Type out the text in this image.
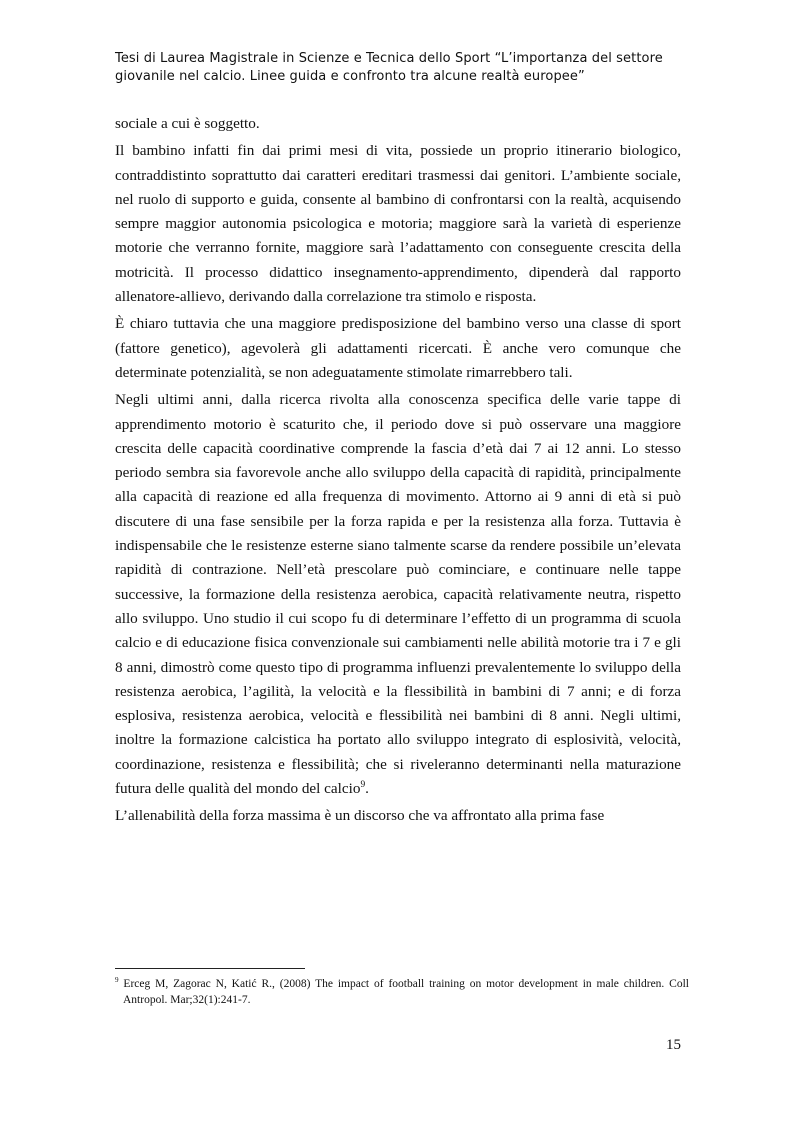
Tesi di Laurea Magistrale in Scienze e Tecnica dello Sport “L’importanza del settore
giovanile nel calcio. Linee guida e confronto tra alcune realtà europee”

sociale a cui è soggetto.

Il bambino infatti fin dai primi mesi di vita, possiede un proprio itinerario biologico, contraddistinto soprattutto dai caratteri ereditari trasmessi dai genitori. L’ambiente sociale, nel ruolo di supporto e guida, consente al bambino di confrontarsi con la realtà, acquisendo sempre maggior autonomia psicologica e motoria; maggiore sarà la varietà di esperienze motorie che verranno fornite, maggiore sarà l’adattamento con conseguente crescita della motricità. Il processo didattico insegnamento-apprendimento, dipenderà dal rapporto allenatore-allievo, derivando dalla correlazione tra stimolo e risposta.

È chiaro tuttavia che una maggiore predisposizione del bambino verso una classe di sport (fattore genetico), agevolerà gli adattamenti ricercati. È anche vero comunque che determinate potenzialità, se non adeguatamente stimolate rimarrebbero tali.

Negli ultimi anni, dalla ricerca rivolta alla conoscenza specifica delle varie tappe di apprendimento motorio è scaturito che, il periodo dove si può osservare una maggiore crescita delle capacità coordinative comprende la fascia d’età dai 7 ai 12 anni. Lo stesso periodo sembra sia favorevole anche allo sviluppo della capacità di rapidità, principalmente alla capacità di reazione ed alla frequenza di movimento. Attorno ai 9 anni di età si può discutere di una fase sensibile per la forza rapida e per la resistenza alla forza. Tuttavia è indispensabile che le resistenze esterne siano talmente scarse da rendere possibile un’elevata rapidità di contrazione. Nell’età prescolare può cominciare, e continuare nelle tappe successive, la formazione della resistenza aerobica, capacità relativamente neutra, rispetto allo sviluppo. Uno studio il cui scopo fu di determinare l’effetto di un programma di scuola calcio e di educazione fisica convenzionale sui cambiamenti nelle abilità motorie tra i 7 e gli 8 anni, dimostrò come questo tipo di programma influenzi prevalentemente lo sviluppo della resistenza aerobica, l’agilità, la velocità e la flessibilità in bambini di 7 anni; e di forza esplosiva, resistenza aerobica, velocità e flessibilità nei bambini di 8 anni. Negli ultimi, inoltre la formazione calcistica ha portato allo sviluppo integrato di esplosività, velocità, coordinazione, resistenza e flessibilità; che si riveleranno determinanti nella maturazione futura delle qualità del mondo del calcio$^9$.

L’allenabilità della forza massima è un discorso che va affrontato alla prima fase

$^9$ Erceg M, Zagorac N, Katić R., (2008) The impact of football training on motor development in male children. Coll Antropol. Mar;32(1):241-7.
15
